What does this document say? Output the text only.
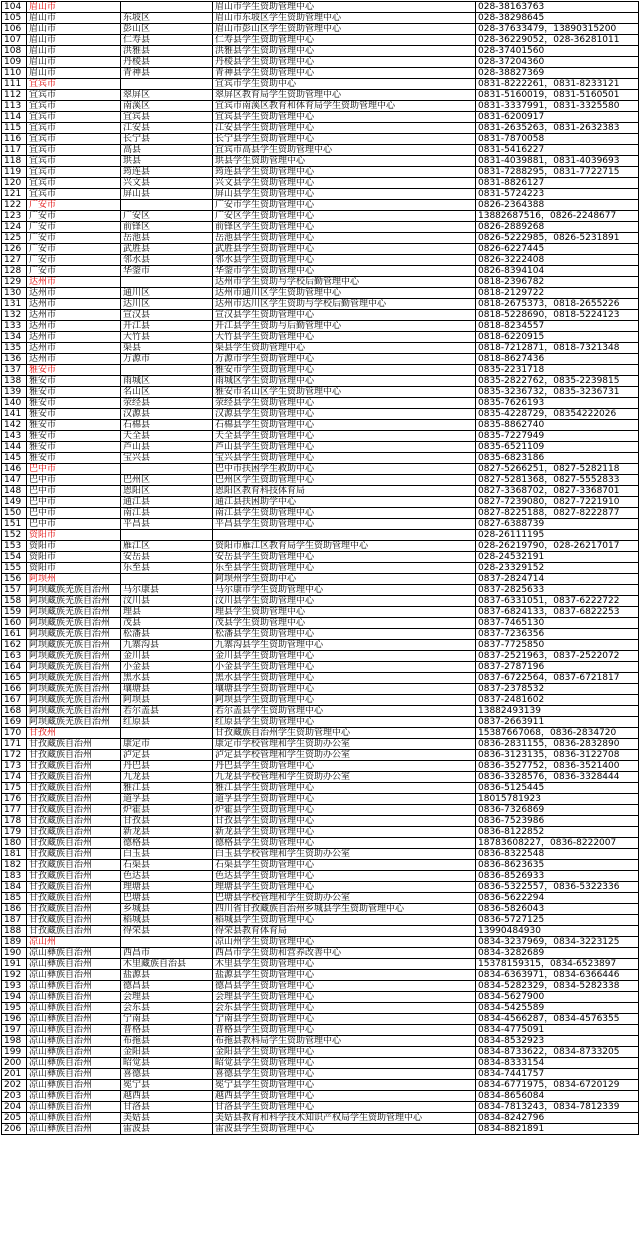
104	眉山市		眉山市学生资助管理中心	028-38163763
105	眉山市	东坡区	眉山市东坡区学生资助管理中心	028-38298645
106	眉山市	彭山区	眉山市彭山区学生资助管理中心	028-37633479，13890315200
107	眉山市	仁寿县	仁寿县学生资助管理中心	028-36229052，028-36281011
108	眉山市	洪雅县	洪雅县学生资助管理中心	028-37401560
109	眉山市	丹棱县	丹棱县学生资助管理中心	028-37204360
110	眉山市	青神县	青神县学生资助管理中心	028-38827369
111	宜宾市		宜宾市学生资助中心	0831-8222261，0831-8233121
112	宜宾市	翠屏区	翠屏区教育局学生资助管理中心	0831-5160019，0831-5160501
113	宜宾市	南溪区	宜宾市南溪区教育和体育局学生资助管理中心	0831-3337991，0831-3325580
114	宜宾市	宜宾县	宜宾县学生资助管理中心	0831-6200917
115	宜宾市	江安县	江安县学生资助管理中心	0831-2635263，0831-2632383
116	宜宾市	长宁县	长宁县学生资助管理中心	0831-7870058
117	宜宾市	高县	宜宾市高县学生资助管理中心	0831-5416227
118	宜宾市	珙县	珙县学生资助管理中心	0831-4039881，0831-4039693
119	宜宾市	筠连县	筠连县学生资助管理中心	0831-7288295，0831-7722715
120	宜宾市	兴文县	兴文县学生资助管理中心	0831-8826127
121	宜宾市	屏山县	屏山县学生资助管理中心	0831-5724223
122	广安市		广安市学生资助管理中心	0826-2364388
123	广安市	广安区	广安区学生资助管理中心	13882687516，0826-2248677
124	广安市	前锋区	前锋区学生资助管理中心	0826-2889268
125	广安市	岳池县	岳池县学生资助管理中心	0826-5222985，0826-5231891
126	广安市	武胜县	武胜县学生资助管理中心	0826-6227445
127	广安市	邻水县	邻水县学生资助管理中心	0826-3222408
128	广安市	华蓥市	华蓥市学生资助管理中心	0826-8394104
129	达州市		达州市学生资助与学校后勤管理中心	0818-2396782
130	达州市	通川区	达州市通川区学生资助管理中心	0818-2129722
131	达州市	达川区	达州市达川区学生资助与学校后勤管理中心	0818-2675373，0818-2655226
132	达州市	宣汉县	宣汉县学生资助管理中心	0818-5228690，0818-5224123
133	达州市	开江县	开江县学生资助与后勤管理中心	0818-8234557
134	达州市	大竹县	大竹县学生资助管理中心	0818-6220915
135	达州市	渠县	渠县学生资助管理中心	0818-7212871，0818-7321348
136	达州市	万源市	万源市学生资助管理中心	0818-8627436
137	雅安市		雅安市学生资助管理中心	0835-2231718
138	雅安市	雨城区	雨城区学生资助管理中心	0835-2822762，0835-2239815
139	雅安市	名山区	雅安市名山区学生资助管理中心	0835-3236732，0835-3236731
140	雅安市	荥经县	荥经县学生资助管理中心	0835-7626193
141	雅安市	汉源县	汉源县学生资助管理中心	0835-4228729，08354222026
142	雅安市	石棉县	石棉县学生资助管理中心	0835-8862740
143	雅安市	天全县	天全县学生资助管理中心	0835-7227949
144	雅安市	芦山县	芦山县学生资助管理中心	0835-6521109
145	雅安市	宝兴县	宝兴县学生资助管理中心	0835-6823186
146	巴中市		巴中市扶困学生救助中心	0827-5266251，0827-5282118
147	巴中市	巴州区	巴州区学生资助管理中心	0827-5281368，0827-5552833
148	巴中市	恩阳区	恩阳区教育科技体育局	0827-3368702，0827-3368701
149	巴中市	通江县	通江县扶困助学中心	0827-7239080，0827-7221910
150	巴中市	南江县	南江县学生资助管理中心	0827-8225188，0827-8222877
151	巴中市	平昌县	平昌县学生资助管理中心	0827-6388739
152	资阳市			028-26111195
153	资阳市	雁江区	资阳市雁江区教育局学生资助管理中心	028-26219790，028-26217017
154	资阳市	安岳县	安岳县学生资助管理中心	028-24532191
155	资阳市	乐至县	乐至县学生资助管理中心	028-23329152
156	阿坝州		阿坝州学生资助中心	0837-2824714
157	阿坝藏族羌族自治州	马尔康县	马尔康市学生资助管理中心	0837-2825633
158	阿坝藏族羌族自治州	汶川县	汶川县学生资助管理中心	0837-6331051，0837-6222722
159	阿坝藏族羌族自治州	理县	理县学生资助管理中心	0837-6824133，0837-6822253
160	阿坝藏族羌族自治州	茂县	茂县学生资助管理中心	0837-7465130
161	阿坝藏族羌族自治州	松潘县	松潘县学生资助管理中心	0837-7236356
162	阿坝藏族羌族自治州	九寨沟县	九寨沟县学生资助管理中心	0837-7725850
163	阿坝藏族羌族自治州	金川县	金川县学生资助管理中心	0837-2521963，0837-2522072
164	阿坝藏族羌族自治州	小金县	小金县学生资助管理中心	0837-2787196
165	阿坝藏族羌族自治州	黑水县	黑水县学生资助管理中心	0837-6722564，0837-6721817
166	阿坝藏族羌族自治州	壤塘县	壤塘县学生资助管理中心	0837-2378532
167	阿坝藏族羌族自治州	阿坝县	阿坝县学生资助管理中心	0837-2481602
168	阿坝藏族羌族自治州	若尔盖县	若尔盖县学生资助管理中心	13882493139
169	阿坝藏族羌族自治州	红原县	红原县学生资助管理中心	0837-2663911
170	甘孜州		甘孜藏族自治州学生资助管理中心	15387667068，0836-2834720
171	甘孜藏族自治州	康定市	康定市学校管理和学生资助办公室	0836-2831155，0836-2832890
172	甘孜藏族自治州	泸定县	泸定县学校管理和学生资助办公室	0836-3123135，0836-3122708
173	甘孜藏族自治州	丹巴县	丹巴县学生资助管理中心	0836-3527752，0836-3521400
174	甘孜藏族自治州	九龙县	九龙县学校管理和学生资助办公室	0836-3328576，0836-3328444
175	甘孜藏族自治州	雅江县	雅江县学生资助管理中心	0836-5125445
176	甘孜藏族自治州	道孚县	道孚县学生资助管理中心	18015781923
177	甘孜藏族自治州	炉霍县	炉霍县学生资助管理中心	0836-7326869
178	甘孜藏族自治州	甘孜县	甘孜县学生资助管理中心	0836-7523986
179	甘孜藏族自治州	新龙县	新龙县学生资助管理中心	0836-8122852
180	甘孜藏族自治州	德格县	德格县学生资助管理中心	18783608227，0836-8222007
181	甘孜藏族自治州	白玉县	白玉县学校管理和学生资助办公室	0836-8322548
182	甘孜藏族自治州	石渠县	石渠县学生资助管理中心	0836-8623635
183	甘孜藏族自治州	色达县	色达县学生资助管理中心	0836-8526933
184	甘孜藏族自治州	理塘县	理塘县学生资助管理中心	0836-5322557，0836-5322336
185	甘孜藏族自治州	巴塘县	巴塘县学校管理和学生资助办公室	0836-5622294
186	甘孜藏族自治州	乡城县	四川省甘孜藏族自治州乡城县学生资助管理中心	0836-5826043
187	甘孜藏族自治州	稻城县	稻城县学生资助管理中心	0836-5727125
188	甘孜藏族自治州	得荣县	得荣县教育体育局	13990484930
189	凉山州		凉山州学生资助管理中心	0834-3237969，0834-3223125
190	凉山彝族自治州	西昌市	西昌市学生资助和营养改善中心	0834-3282689
191	凉山彝族自治州	木里藏族自治县	木里县学生资助管理中心	15378159315，0834-6523897
192	凉山彝族自治州	盐源县	盐源县学生资助管理中心	0834-6363971，0834-6366446
193	凉山彝族自治州	德昌县	德昌县学生资助管理中心	0834-5282329，0834-5282338
194	凉山彝族自治州	会理县	会理县学生资助管理中心	0834-5627900
195	凉山彝族自治州	会东县	会东县学生资助管理中心	0834-5425589
196	凉山彝族自治州	宁南县	宁南县学生资助管理中心	0834-4566287，0834-4576355
197	凉山彝族自治州	普格县	普格县学生资助管理中心	0834-4775091
198	凉山彝族自治州	布拖县	布拖县教科局学生资助管理中心	0834-8532923
199	凉山彝族自治州	金阳县	金阳县学生资助管理中心	0834-8733622，0834-8733205
200	凉山彝族自治州	昭觉县	昭觉县学生资助管理中心	0834-8333154
201	凉山彝族自治州	喜德县	喜德县学生资助管理中心	0834-7441757
202	凉山彝族自治州	冕宁县	冕宁县学生资助管理中心	0834-6771975，0834-6720129
203	凉山彝族自治州	越西县	越西县学生资助管理中心	0834-8656084
204	凉山彝族自治州	甘洛县	甘洛县学生资助管理中心	0834-7813243，0834-7812339
205	凉山彝族自治州	美姑县	美姑县教育和科学技术知识产权局学生资助管理中心	0834-8242796
206	凉山彝族自治州	雷波县	雷波县学生资助管理中心	0834-8821891
